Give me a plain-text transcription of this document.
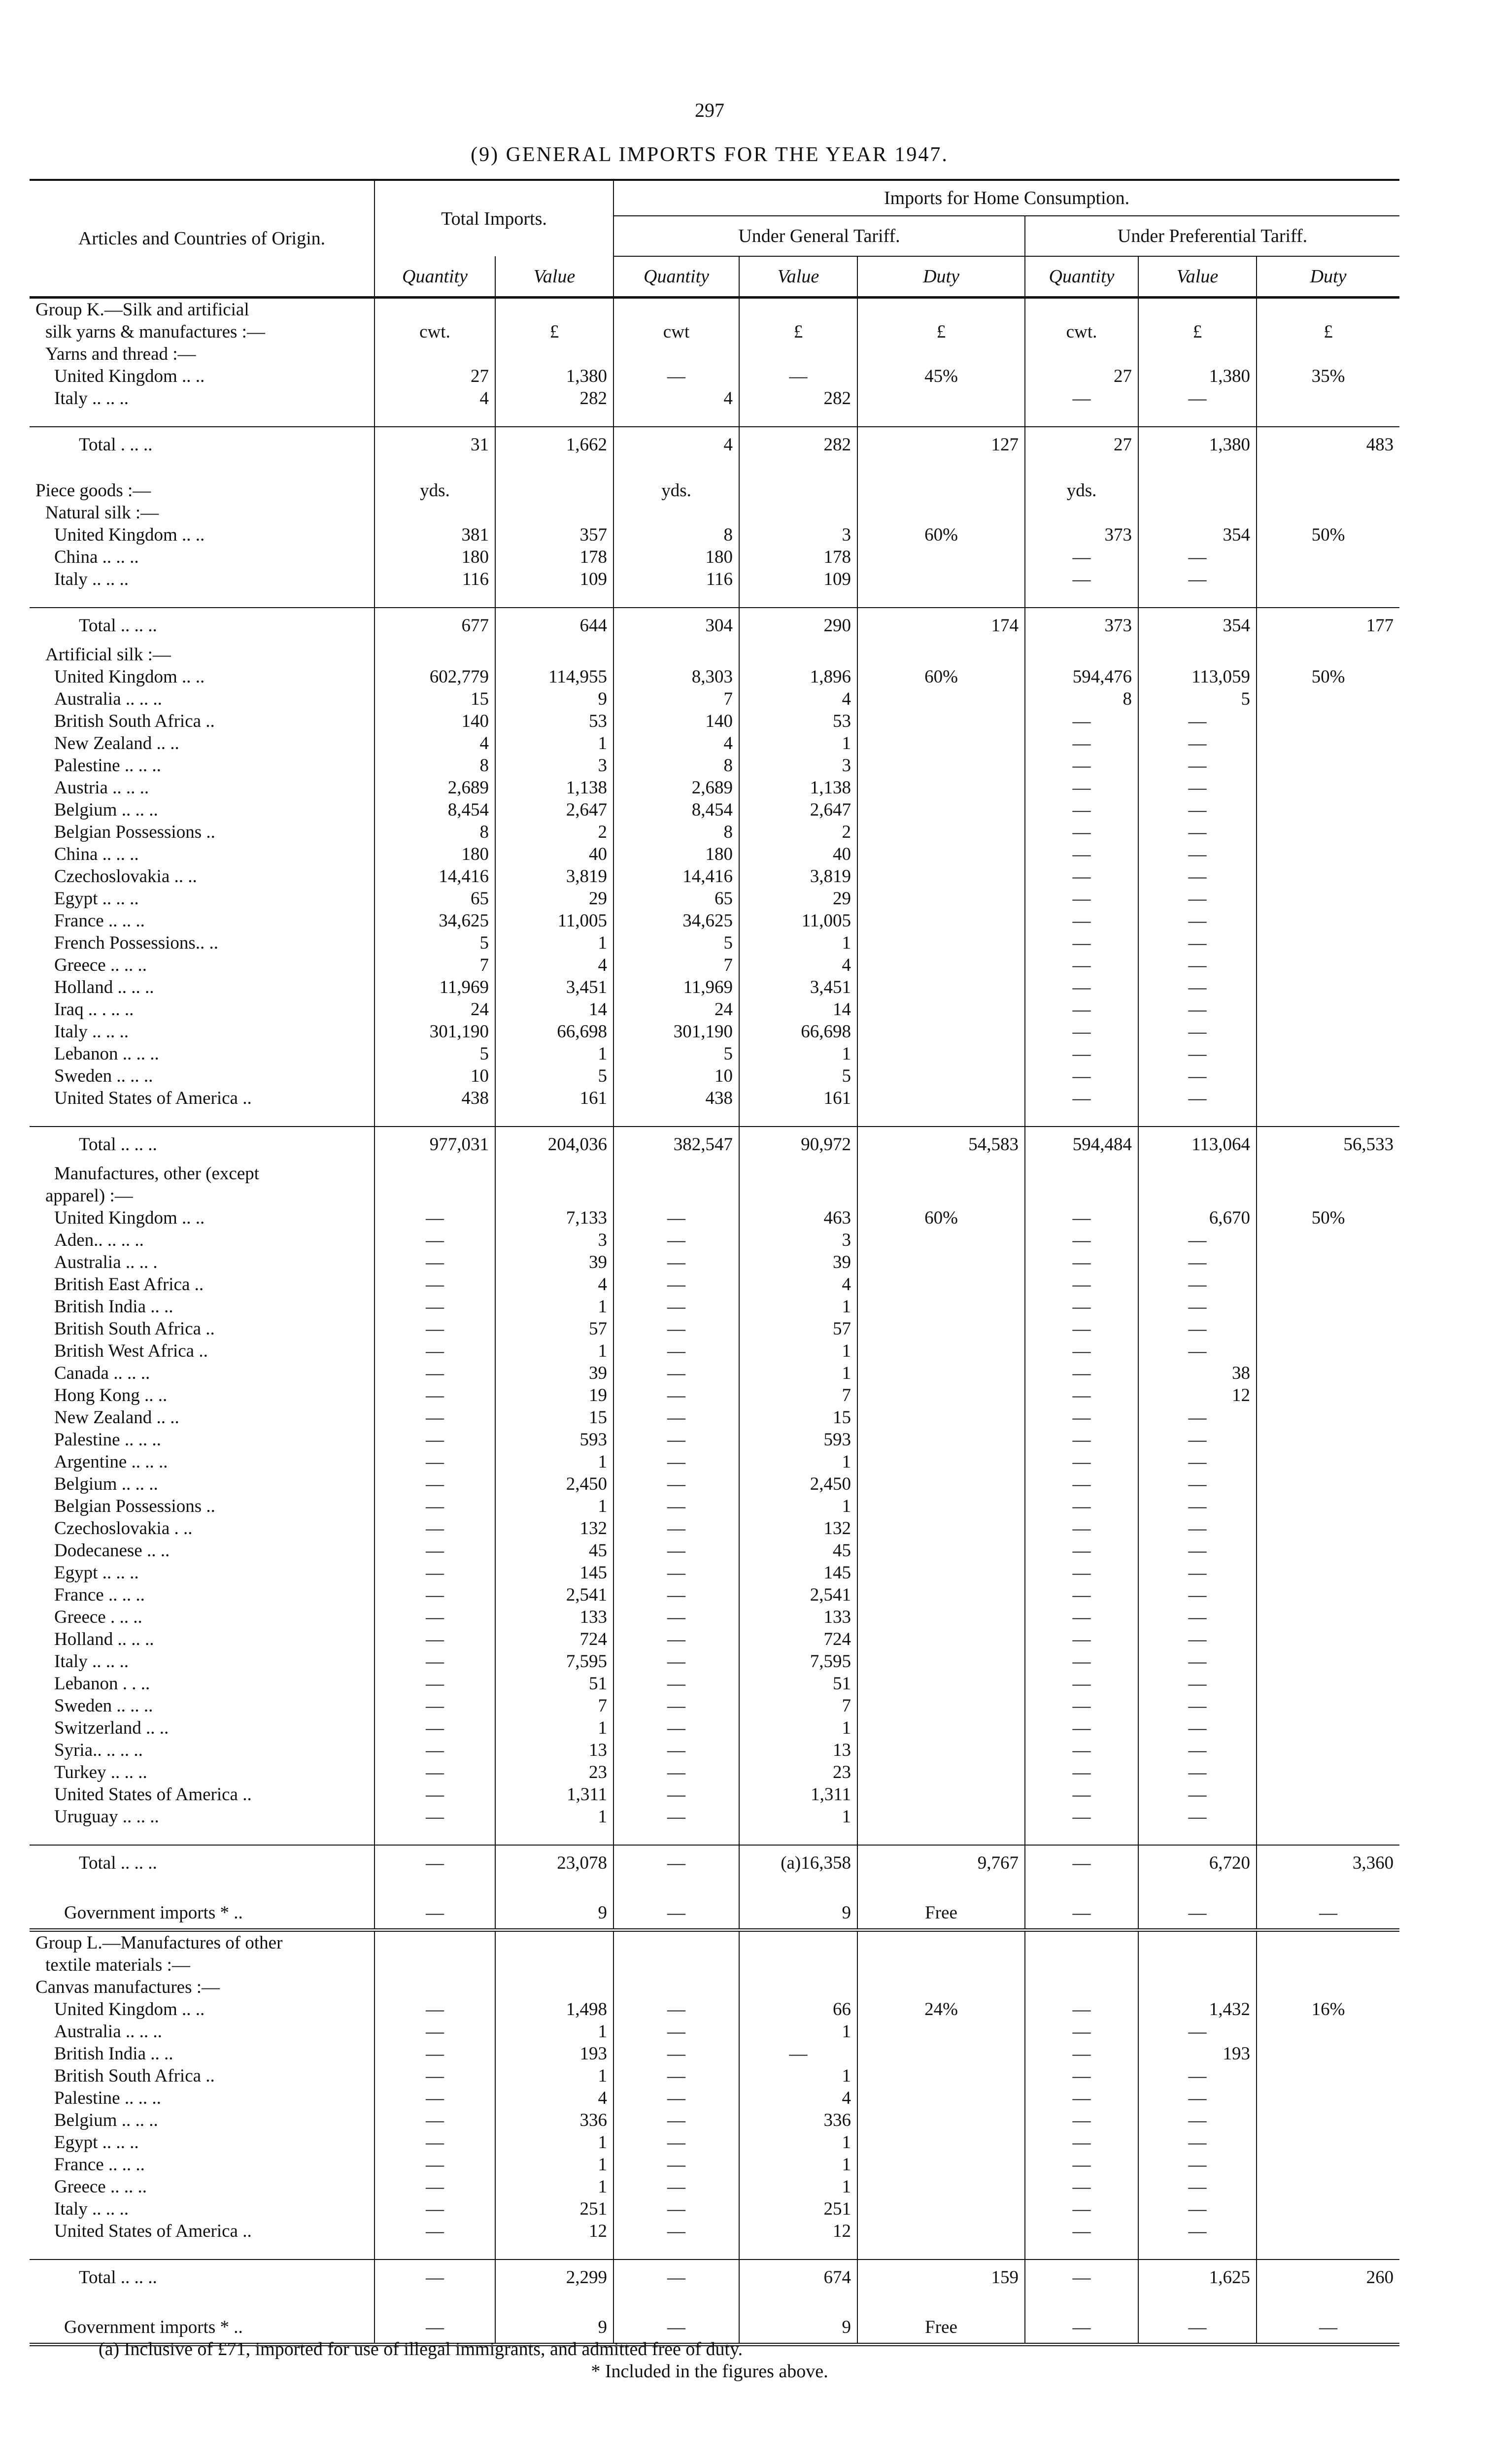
297
(9) GENERAL IMPORTS FOR THE YEAR 1947.
Articles and Countries of Origin.	Total Imports.		Imports for Home Consumption.					
			Under General Tariff.			Under Preferential Tariff.		
	Quantity	Value	Quantity	Value	Duty	Quantity	Value	Duty
Group K.—Silk and artificial								
silk yarns & manufactures :—	cwt.	£	cwt	£	£	cwt.	£	£
Yarns and thread :—								
United Kingdom .. ..	27	1,380	—	—	45%	27	1,380	35%
Italy .. .. ..	4	282	4	282		—	—	

Total . .. ..	31	1,662	4	282	127	27	1,380	483

Piece goods :—	yds.		yds.			yds.		
Natural silk :—								
United Kingdom .. ..	381	357	8	3	60%	373	354	50%
China .. .. ..	180	178	180	178		—	—	
Italy .. .. ..	116	109	116	109		—	—	

Total .. .. ..	677	644	304	290	174	373	354	177
Artificial silk :—								
United Kingdom .. ..	602,779	114,955	8,303	1,896	60%	594,476	113,059	50%
Australia .. .. ..	15	9	7	4		8	5	
British South Africa ..	140	53	140	53		—	—	
New Zealand .. ..	4	1	4	1		—	—	
Palestine .. .. ..	8	3	8	3		—	—	
Austria .. .. ..	2,689	1,138	2,689	1,138		—	—	
Belgium .. .. ..	8,454	2,647	8,454	2,647		—	—	
Belgian Possessions ..	8	2	8	2		—	—	
China .. .. ..	180	40	180	40		—	—	
Czechoslovakia .. ..	14,416	3,819	14,416	3,819		—	—	
Egypt .. .. ..	65	29	65	29		—	—	
France .. .. ..	34,625	11,005	34,625	11,005		—	—	
French Possessions.. ..	5	1	5	1		—	—	
Greece .. .. ..	7	4	7	4		—	—	
Holland .. .. ..	11,969	3,451	11,969	3,451		—	—	
Iraq .. . .. ..	24	14	24	14		—	—	
Italy .. .. ..	301,190	66,698	301,190	66,698		—	—	
Lebanon .. .. ..	5	1	5	1		—	—	
Sweden .. .. ..	10	5	10	5		—	—	
United States of America ..	438	161	438	161		—	—	

Total .. .. ..	977,031	204,036	382,547	90,972	54,583	594,484	113,064	56,533
Manufactures, other (except								
apparel) :—								
United Kingdom .. ..	—	7,133	—	463	60%	—	6,670	50%
Aden.. .. .. ..	—	3	—	3		—	—	
Australia .. .. .	—	39	—	39		—	—	
British East Africa ..	—	4	—	4		—	—	
British India .. ..	—	1	—	1		—	—	
British South Africa ..	—	57	—	57		—	—	
British West Africa ..	—	1	—	1		—	—	
Canada .. .. ..	—	39	—	1		—	38	
Hong Kong .. ..	—	19	—	7		—	12	
New Zealand .. ..	—	15	—	15		—	—	
Palestine .. .. ..	—	593	—	593		—	—	
Argentine .. .. ..	—	1	—	1		—	—	
Belgium .. .. ..	—	2,450	—	2,450		—	—	
Belgian Possessions ..	—	1	—	1		—	—	
Czechoslovakia . ..	—	132	—	132		—	—	
Dodecanese .. ..	—	45	—	45		—	—	
Egypt .. .. ..	—	145	—	145		—	—	
France .. .. ..	—	2,541	—	2,541		—	—	
Greece . .. ..	—	133	—	133		—	—	
Holland .. .. ..	—	724	—	724		—	—	
Italy .. .. ..	—	7,595	—	7,595		—	—	
Lebanon . . ..	—	51	—	51		—	—	
Sweden .. .. ..	—	7	—	7		—	—	
Switzerland .. ..	—	1	—	1		—	—	
Syria.. .. .. ..	—	13	—	13		—	—	
Turkey .. .. ..	—	23	—	23		—	—	
United States of America ..	—	1,311	—	1,311		—	—	
Uruguay .. .. ..	—	1	—	1		—	—	

Total .. .. ..	—	23,078	—	(a)16,358	9,767	—	6,720	3,360

Government imports * ..	—	9	—	9	Free	—	—	—
Group L.—Manufactures of other								
textile materials :—								
Canvas manufactures :—								
United Kingdom .. ..	—	1,498	—	66	24%	—	1,432	16%
Australia .. .. ..	—	1	—	1		—	—	
British India .. ..	—	193	—	—		—	193	
British South Africa ..	—	1	—	1		—	—	
Palestine .. .. ..	—	4	—	4		—	—	
Belgium .. .. ..	—	336	—	336		—	—	
Egypt .. .. ..	—	1	—	1		—	—	
France .. .. ..	—	1	—	1		—	—	
Greece .. .. ..	—	1	—	1		—	—	
Italy .. .. ..	—	251	—	251		—	—	
United States of America ..	—	12	—	12		—	—	

Total .. .. ..	—	2,299	—	674	159	—	1,625	260

Government imports * ..	—	9	—	9	Free	—	—	—
(a) Inclusive of £71, imported for use of illegal immigrants, and admitted free of duty.
* Included in the figures above.
